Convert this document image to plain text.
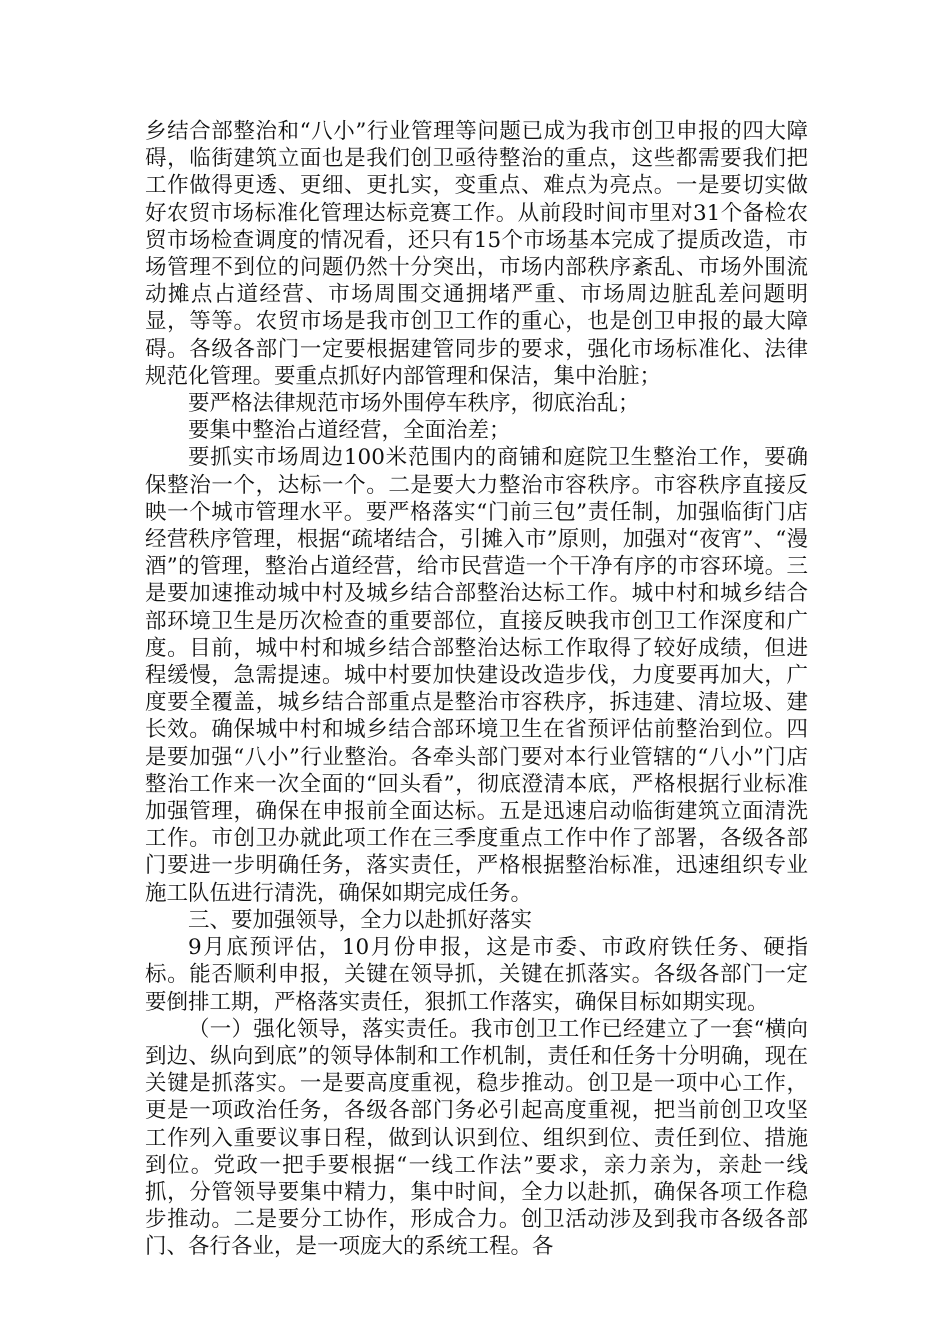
乡结合部整治和“八小”行业管理等问题已成为我市创卫申报的四大障碍，临街建筑立面也是我们创卫亟待整治的重点，这些都需要我们把工作做得更透、更细、更扎实，变重点、难点为亮点。一是要切实做好农贸市场标准化管理达标竞赛工作。从前段时间市里对31个备检农贸市场检查调度的情况看，还只有15个市场基本完成了提质改造，市场管理不到位的问题仍然十分突出，市场内部秩序紊乱、市场外围流动摊点占道经营、市场周围交通拥堵严重、市场周边脏乱差问题明显，等等。农贸市场是我市创卫工作的重心，也是创卫申报的最大障碍。各级各部门一定要根据建管同步的要求，强化市场标准化、法律规范化管理。要重点抓好内部管理和保洁，集中治脏；

要严格法律规范市场外围停车秩序，彻底治乱；

要集中整治占道经营，全面治差；

要抓实市场周边100米范围内的商铺和庭院卫生整治工作，要确保整治一个，达标一个。二是要大力整治市容秩序。市容秩序直接反映一个城市管理水平。要严格落实“门前三包”责任制，加强临街门店经营秩序管理，根据“疏堵结合，引摊入市”原则，加强对“夜宵”、“漫酒”的管理，整治占道经营，给市民营造一个干净有序的市容环境。三是要加速推动城中村及城乡结合部整治达标工作。城中村和城乡结合部环境卫生是历次检查的重要部位，直接反映我市创卫工作深度和广度。目前，城中村和城乡结合部整治达标工作取得了较好成绩，但进程缓慢，急需提速。城中村要加快建设改造步伐，力度要再加大，广度要全覆盖，城乡结合部重点是整治市容秩序，拆违建、清垃圾、建长效。确保城中村和城乡结合部环境卫生在省预评估前整治到位。四是要加强“八小”行业整治。各牵头部门要对本行业管辖的“八小”门店整治工作来一次全面的“回头看”，彻底澄清本底，严格根据行业标准加强管理，确保在申报前全面达标。五是迅速启动临街建筑立面清洗工作。市创卫办就此项工作在三季度重点工作中作了部署，各级各部门要进一步明确任务，落实责任，严格根据整治标准，迅速组织专业施工队伍进行清洗，确保如期完成任务。

三、要加强领导，全力以赴抓好落实

9月底预评估，10月份申报，这是市委、市政府铁任务、硬指标。能否顺利申报，关键在领导抓，关键在抓落实。各级各部门一定要倒排工期，严格落实责任，狠抓工作落实，确保目标如期实现。

（一）强化领导，落实责任。我市创卫工作已经建立了一套“横向到边、纵向到底”的领导体制和工作机制，责任和任务十分明确，现在关键是抓落实。一是要高度重视，稳步推动。创卫是一项中心工作，更是一项政治任务，各级各部门务必引起高度重视，把当前创卫攻坚工作列入重要议事日程，做到认识到位、组织到位、责任到位、措施到位。党政一把手要根据“一线工作法”要求，亲力亲为，亲赴一线抓，分管领导要集中精力，集中时间，全力以赴抓，确保各项工作稳步推动。二是要分工协作，形成合力。创卫活动涉及到我市各级各部门、各行各业，是一项庞大的系统工程。各
